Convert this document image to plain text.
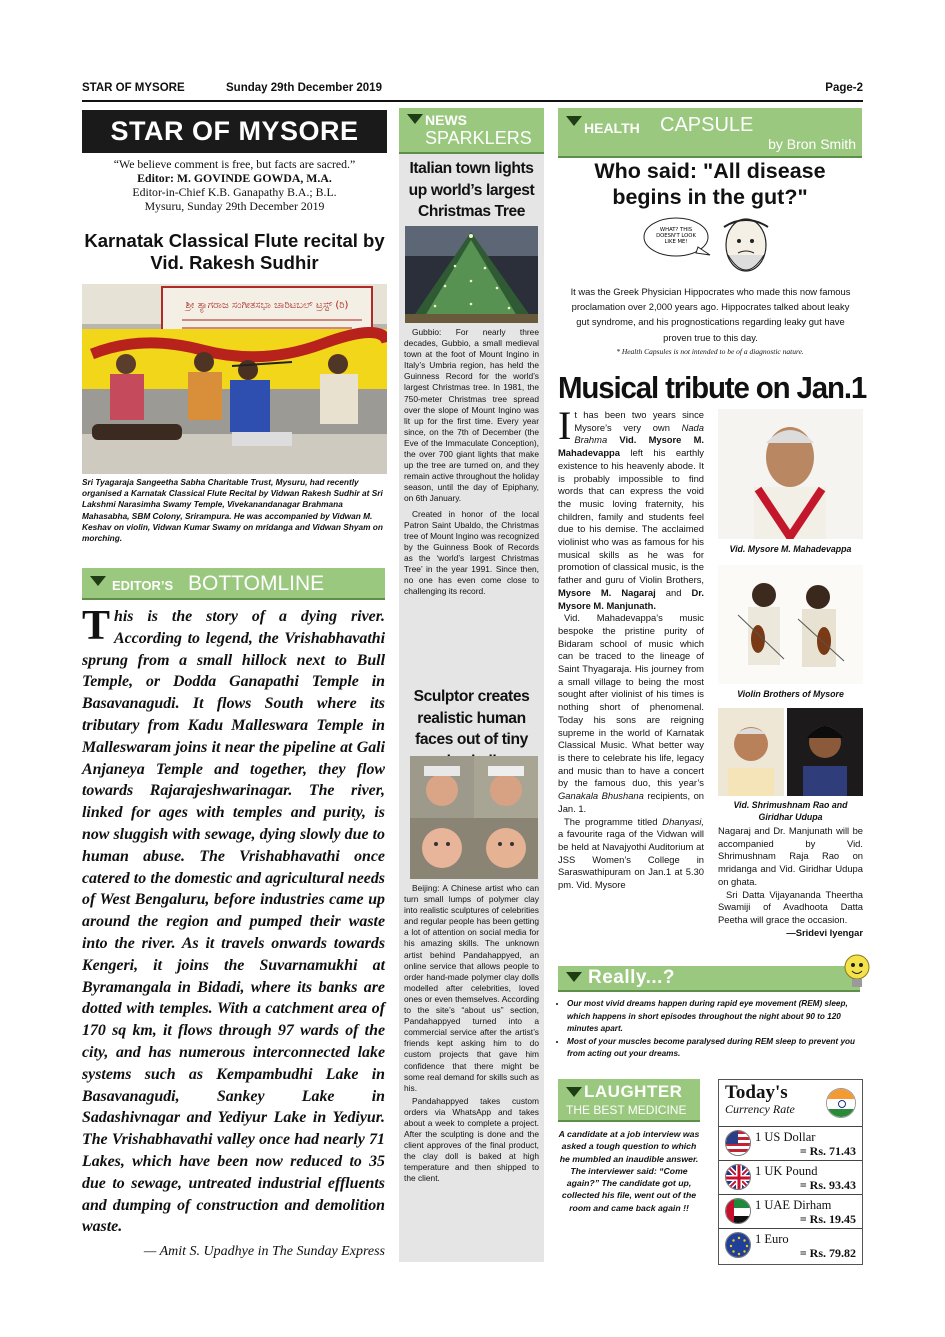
STAR OF MYSORE	Sunday 29th December 2019	Page-2
STAR OF MYSORE
“We believe comment is free, but facts are sacred.”
Editor: M. GOVINDE GOWDA, M.A.
Editor-in-Chief K.B. Ganapathy B.A.; B.L.
Mysuru, Sunday 29th December 2019
Karnatak Classical Flute recital by Vid. Rakesh Sudhir
ಶ್ರೀ ತ್ಯಾಗರಾಜ ಸಂಗೀತಸಭಾ ಚಾರಿಟಬಲ್ ಟ್ರಸ್ಟ್ (ರಿ)
Sri Tyagaraja Sangeetha Sabha Charitable Trust, Mysuru, had recently organised a Karnatak Classical Flute Recital by Vidwan Rakesh Sudhir at Sri Lakshmi Narasimha Swamy Temple, Vivekanandanagar Brahmana Mahasabha, SBM Colony, Srirampura. He was accompanied by Vidwan M. Keshav on violin, Vidwan Kumar Swamy on mridanga and Vidwan Shyam on morching.
EDITOR’S BOTTOMLINE
This is the story of a dying river. According to legend, the Vrishabhavathi sprung from a small hillock next to Bull Temple, or Dodda Ganapathi Temple in Basavanagudi. It flows South where its tributary from Kadu Malleswara Temple in Malleswaram joins it near the pipeline at Gali Anjaneya Temple and together, they flow towards Rajarajeshwarinagar. The river, linked for ages with temples and purity, is now sluggish with sewage, dying slowly due to human abuse. The Vrishabhavathi once catered to the domestic and agricultural needs of West Bengaluru, before industries came up around the region and pumped their waste into the river. As it travels onwards towards Kengeri, it joins the Suvarnamukhi at Byramangala in Bidadi, where its banks are dotted with temples. With a catchment area of 170 sq km, it flows through 97 wards of the city, and has numerous interconnected lake systems such as Kempambudhi Lake in Basavanagudi, Sankey Lake in Sadashivnagar and Yediyur Lake in Yediyur. The Vrishabhavathi valley once had nearly 71 Lakes, which have been now reduced to 35 due to sewage, untreated industrial effluents and dumping of construction and demolition waste.
— Amit S. Upadhye in The Sunday Express
NEWS
SPARKLERS
Italian town lights up world’s largest Christmas Tree

Gubbio: For nearly three decades, Gubbio, a small medieval town at the foot of Mount Ingino in Italy’s Umbria region, has held the Guinness Record for the world’s largest Christmas tree. In 1981, the 750-meter Christmas tree spread over the slope of Mount Ingino was lit up for the first time. Every year since, on the 7th of December (the Eve of the Immaculate Conception), the over 700 giant lights that make up the tree are turned on, and they remain active throughout the holiday season, until the day of Epiphany, on 6th January.

Created in honor of the local Patron Saint Ubaldo, the Christmas tree of Mount Ingino was recognized by the Guinness Book of Records as the ‘world’s largest Christmas Tree’ in the year 1991. Since then, no one has even come close to challenging its record.

Sculptor creates realistic human faces out of tiny

Beijing: A Chinese artist who can turn small lumps of polymer clay into realistic sculptures of celebrities and regular people has been getting a lot of attention on social media for his amazing skills. The unknown artist behind Pandahappyed, an online service that allows people to order hand-made polymer clay dolls modelled after celebrities, loved ones or even themselves. According to the site’s “about us” section, Pandahappyed turned into a commercial service after the artist’s friends kept asking him to do custom projects that gave him confidence that there might be some real demand for skills such as his.

Pandahappyed takes custom orders via WhatsApp and takes about a week to complete a project. After the sculpting is done and the client approves of the final product, the clay doll is baked at high temperature and then shipped to the client.

HEALTH CAPSULE
by Bron Smith
Who said: "All disease begins in the gut?"
WHAT? THIS DOESN'T LOOK LIKE ME!
It was the Greek Physician Hippocrates who made this now famous proclamation over 2,000 years ago. Hippocrates talked about leaky gut syndrome, and his prognostications regarding leaky gut have proven true to this day.
* Health Capsules is not intended to be of a diagnostic nature.
Musical tribute on Jan.1

It has been two years since Mysore’s very own Nada Brahma Vid. Mysore M. Mahadevappa left his earthly existence to his heavenly abode. It is probably impossible to find words that can express the void the music loving fraternity, his children, family and students feel due to his demise. The acclaimed violinist who was as famous for his musical skills as he was for promotion of classical music, is the father and guru of Violin Brothers, Mysore M. Nagaraj and Dr. Mysore M. Manjunath.

Vid. Mahadevappa’s music bespoke the pristine purity of Bidaram school of music which can be traced to the lineage of Saint Thyagaraja. His journey from a small village to being the most sought after violinist of his times is nothing short of phenomenal. Today his sons are reigning supreme in the world of Karnatak Classical Music. What better way is there to celebrate his life, legacy and music than to have a concert by the famous duo, this year’s Ganakala Bhushana recipients, on Jan. 1.

The programme titled Dhanyasi, a favourite raga of the Vidwan will be held at Navajyothi Auditorium at JSS Women’s College in Saraswathipuram on Jan.1 at 5.30 pm. Vid. Mysore

Vid. Mysore M. Mahadevappa
Violin Brothers of Mysore
Vid. Shrimushnam Rao and Giridhar Udupa

Nagaraj and Dr. Manjunath will be accompanied by Vid. Shrimushnam Raja Rao on mridanga and Vid. Giridhar Udupa on ghata.

Sri Datta Vijayananda Theertha Swamiji of Avadhoota Datta Peetha will grace the occasion.

—Sridevi Iyengar

Really...?
• Our most vivid dreams happen during rapid eye movement (REM) sleep, which happens in short episodes throughout the night about 90 to 120 minutes apart.
• Most of your muscles become paralysed during REM sleep to prevent you from acting out your dreams.
LAUGHTER
THE BEST MEDICINE
A candidate at a job interview was asked a tough question to which he mumbled an inaudible answer. The interviewer said: “Come again?” The candidate got up, collected his file, went out of the room and came back again !!
Today's
Currency Rate
1 US Dollar
= Rs. 71.43
1 UK Pound
= Rs. 93.43
1 UAE Dirham
= Rs. 19.45
1 Euro
= Rs. 79.82
